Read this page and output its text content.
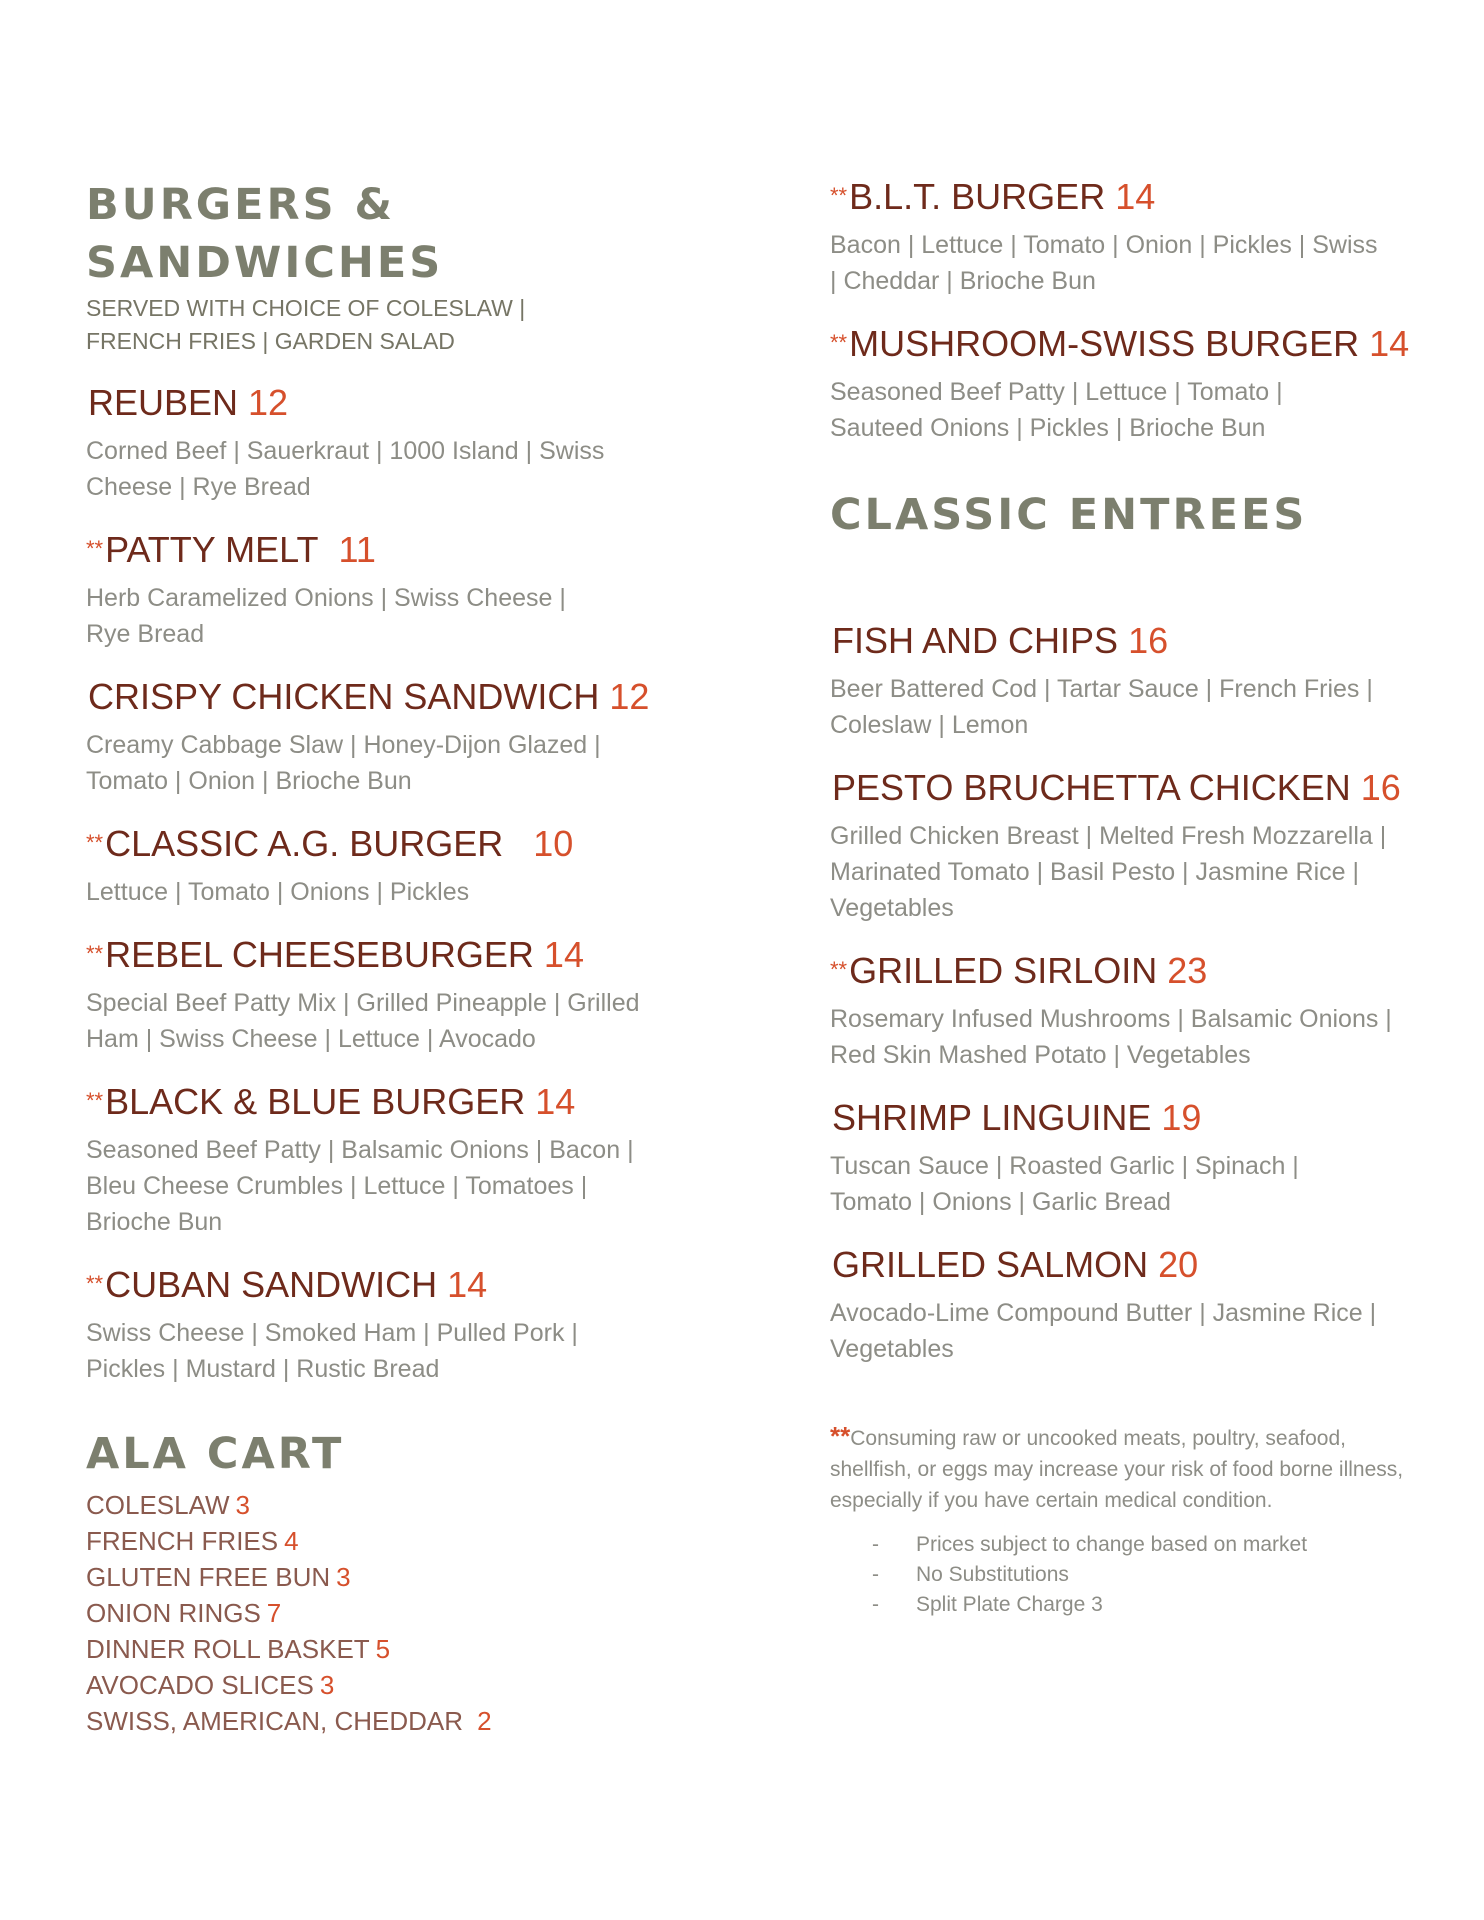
BURGERS &
SANDWICHES

SERVED WITH CHOICE OF COLESLAW |
FRENCH FRIES | GARDEN SALAD

REUBEN 12
Corned Beef | Sauerkraut | 1000 Island | Swiss Cheese | Rye Bread
**PATTY MELT 11
Herb Caramelized Onions | Swiss Cheese | Rye Bread
CRISPY CHICKEN SANDWICH 12
Creamy Cabbage Slaw | Honey-Dijon Glazed | Tomato | Onion | Brioche Bun
**CLASSIC A.G. BURGER 10
Lettuce | Tomato | Onions | Pickles
**REBEL CHEESEBURGER 14
Special Beef Patty Mix | Grilled Pineapple | Grilled Ham | Swiss Cheese | Lettuce | Avocado
**BLACK & BLUE BURGER 14
Seasoned Beef Patty | Balsamic Onions | Bacon | Bleu Cheese Crumbles | Lettuce | Tomatoes | Brioche Bun
**CUBAN SANDWICH 14
Swiss Cheese | Smoked Ham | Pulled Pork | Pickles | Mustard | Rustic Bread
ALA CART
COLESLAW 3
FRENCH FRIES 4
GLUTEN FREE BUN 3
ONION RINGS 7
DINNER ROLL BASKET 5
AVOCADO SLICES 3
SWISS, AMERICAN, CHEDDAR 2
**B.L.T. BURGER 14
Bacon | Lettuce | Tomato | Onion | Pickles | Swiss | Cheddar | Brioche Bun
**MUSHROOM-SWISS BURGER 14
Seasoned Beef Patty | Lettuce | Tomato | Sauteed Onions | Pickles | Brioche Bun
CLASSIC ENTREES
FISH AND CHIPS 16
Beer Battered Cod | Tartar Sauce | French Fries | Coleslaw | Lemon
PESTO BRUCHETTA CHICKEN 16
Grilled Chicken Breast | Melted Fresh Mozzarella | Marinated Tomato | Basil Pesto | Jasmine Rice | Vegetables
**GRILLED SIRLOIN 23
Rosemary Infused Mushrooms | Balsamic Onions | Red Skin Mashed Potato | Vegetables
SHRIMP LINGUINE 19
Tuscan Sauce | Roasted Garlic | Spinach | Tomato | Onions | Garlic Bread
GRILLED SALMON 20
Avocado-Lime Compound Butter | Jasmine Rice | Vegetables
**Consuming raw or uncooked meats, poultry, seafood, shellfish, or eggs may increase your risk of food borne illness, especially if you have certain medical condition.
- Prices subject to change based on market
- No Substitutions
- Split Plate Charge 3
